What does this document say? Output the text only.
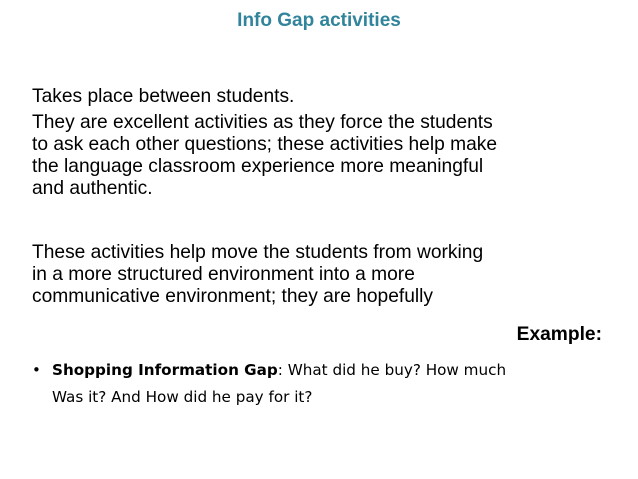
Info Gap activities
Takes place between students.
They are excellent activities as they force the students
to ask each other questions; these activities help make
the language classroom experience more meaningful
and authentic.
These activities help move the students from working
in a more structured environment into a more
communicative environment; they are hopefully
Example:
• Shopping Information Gap: What did he buy? How much
Was it? And How did he pay for it?
